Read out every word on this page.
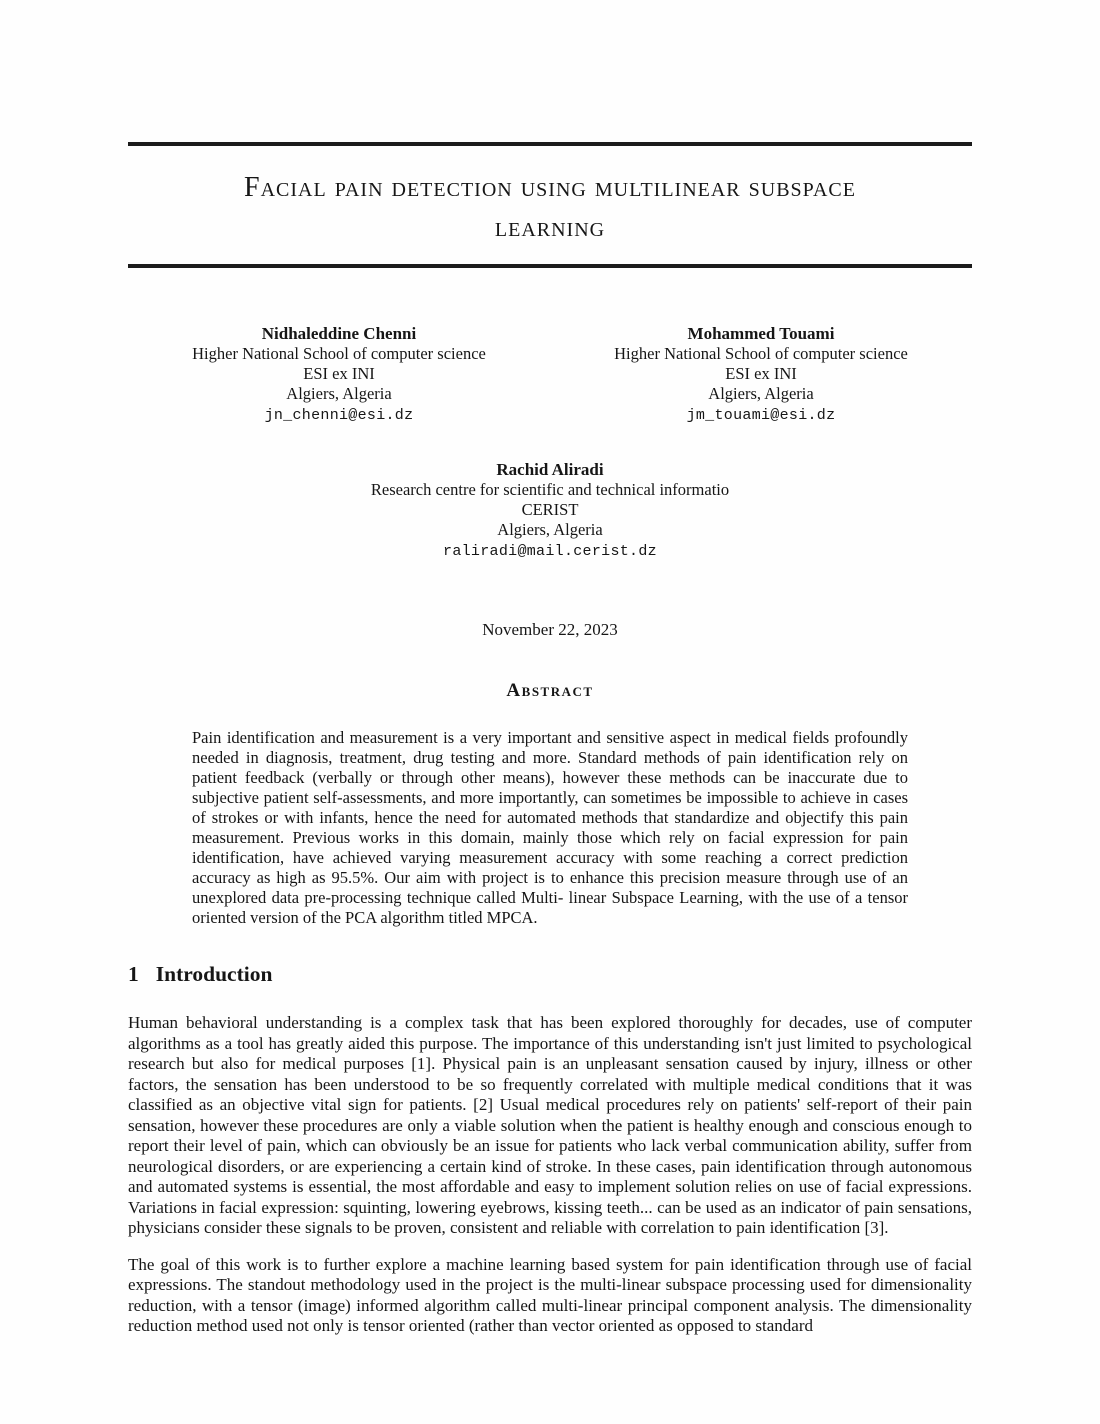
Facial pain detection using multilinear subspace
learning
Nidhaleddine Chenni
Higher National School of computer science
ESI ex INI
Algiers, Algeria
jn_chenni@esi.dz
Mohammed Touami
Higher National School of computer science
ESI ex INI
Algiers, Algeria
jm_touami@esi.dz
Rachid Aliradi
Research centre for scientific and technical informatio
CERIST
Algiers, Algeria
raliradi@mail.cerist.dz
November 22, 2023
Abstract

Pain identification and measurement is a very important and sensitive aspect in medical fields profoundly needed in diagnosis, treatment, drug testing and more. Standard methods of pain identification rely on patient feedback (verbally or through other means), however these methods can be inaccurate due to subjective patient self-assessments, and more importantly, can sometimes be impossible to achieve in cases of strokes or with infants, hence the need for automated methods that standardize and objectify this pain measurement. Previous works in this domain, mainly those which rely on facial expression for pain identification, have achieved varying measurement accuracy with some reaching a correct prediction accuracy as high as 95.5%. Our aim with project is to enhance this precision measure through use of an unexplored data pre-processing technique called Multi- linear Subspace Learning, with the use of a tensor oriented version of the PCA algorithm titled MPCA.

1 Introduction

Human behavioral understanding is a complex task that has been explored thoroughly for decades, use of computer algorithms as a tool has greatly aided this purpose. The importance of this understanding isn't just limited to psychological research but also for medical purposes [1]. Physical pain is an unpleasant sensation caused by injury, illness or other factors, the sensation has been understood to be so frequently correlated with multiple medical conditions that it was classified as an objective vital sign for patients. [2] Usual medical procedures rely on patients' self-report of their pain sensation, however these procedures are only a viable solution when the patient is healthy enough and conscious enough to report their level of pain, which can obviously be an issue for patients who lack verbal communication ability, suffer from neurological disorders, or are experiencing a certain kind of stroke. In these cases, pain identification through autonomous and automated systems is essential, the most affordable and easy to implement solution relies on use of facial expressions. Variations in facial expression: squinting, lowering eyebrows, kissing teeth... can be used as an indicator of pain sensations, physicians consider these signals to be proven, consistent and reliable with correlation to pain identification [3].

The goal of this work is to further explore a machine learning based system for pain identification through use of facial expressions. The standout methodology used in the project is the multi-linear subspace processing used for dimensionality reduction, with a tensor (image) informed algorithm called multi-linear principal component analysis. The dimensionality reduction method used not only is tensor oriented (rather than vector oriented as opposed to standard
